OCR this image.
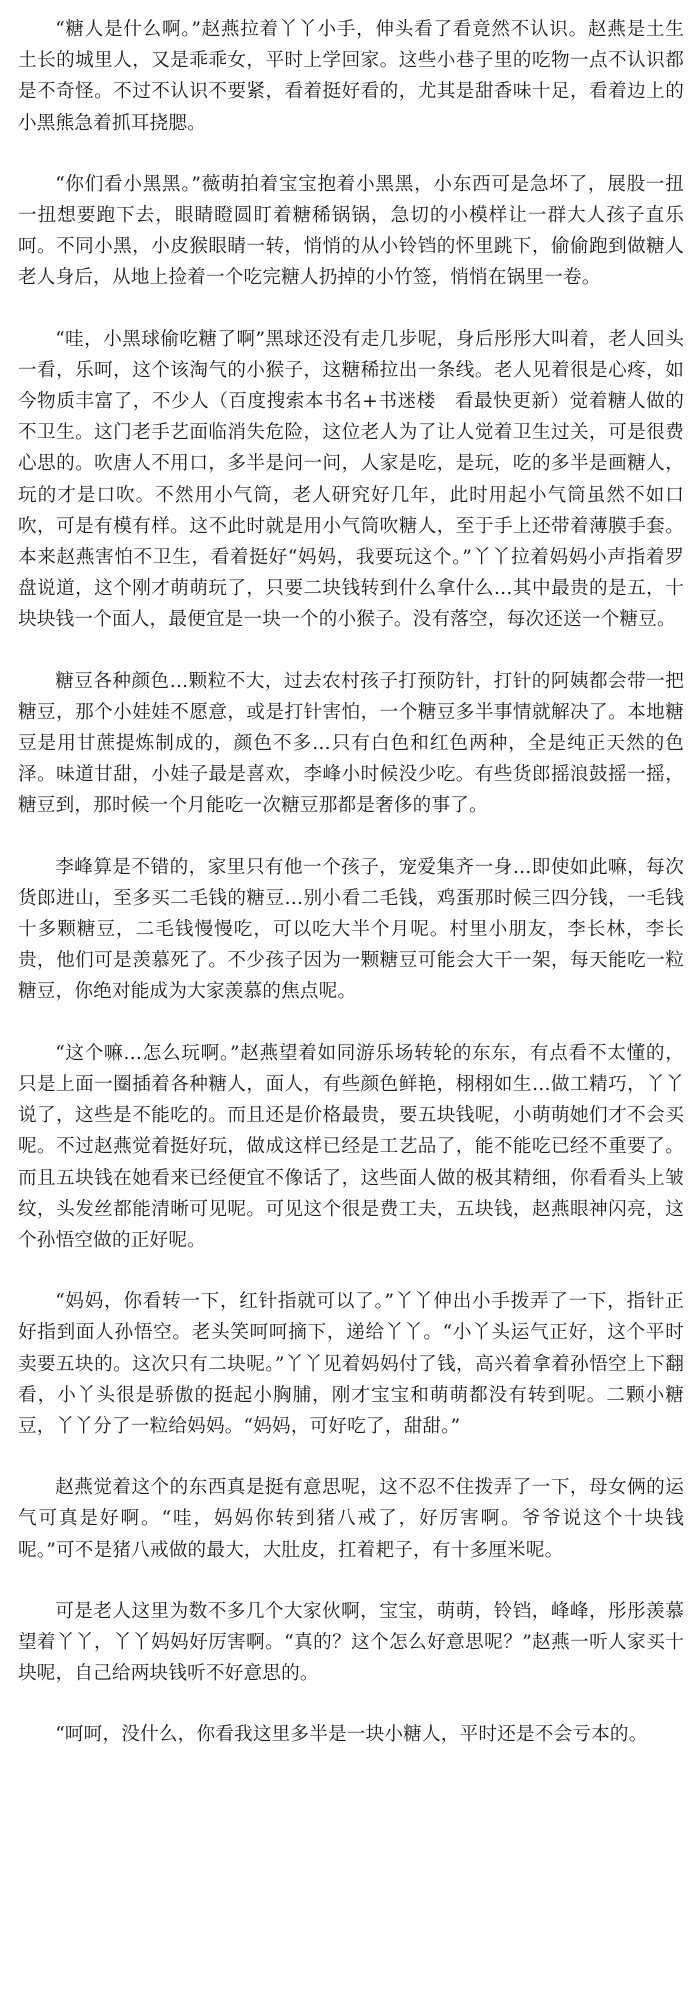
“糖人是什么啊。”赵燕拉着丫丫小手，伸头看了看竟然不认识。赵燕是土生土长的城里人，又是乖乖女，平时上学回家。这些小巷子里的吃物一点不认识都是不奇怪。不过不认识不要紧，看着挺好看的，尤其是甜香味十足，看着边上的小黑熊急着抓耳挠腮。

“你们看小黑黑。”薇萌拍着宝宝抱着小黑黑，小东西可是急坏了，展股一扭一扭想要跑下去，眼睛瞪圆盯着糖稀锅锅，急切的小模样让一群大人孩子直乐呵。不同小黑，小皮猴眼睛一转，悄悄的从小铃铛的怀里跳下，偷偷跑到做糖人老人身后，从地上捡着一个吃完糖人扔掉的小竹签，悄悄在锅里一卷。

“哇，小黑球偷吃糖了啊”黑球还没有走几步呢，身后彤彤大叫着，老人回头一看，乐呵，这个该淘气的小猴子，这糖稀拉出一条线。老人见着很是心疼，如今物质丰富了，不少人（百度搜索本书名+书迷楼　看最快更新）觉着糖人做的不卫生。这门老手艺面临消失危险，这位老人为了让人觉着卫生过关，可是很费心思的。吹唐人不用口，多半是问一问，人家是吃，是玩，吃的多半是画糖人，玩的才是口吹。不然用小气筒，老人研究好几年，此时用起小气筒虽然不如口吹，可是有模有样。这不此时就是用小气筒吹糖人，至于手上还带着薄膜手套。本来赵燕害怕不卫生，看着挺好“妈妈，我要玩这个。”丫丫拉着妈妈小声指着罗盘说道，这个刚才萌萌玩了，只要二块钱转到什么拿什么…其中最贵的是五，十块块钱一个面人，最便宜是一块一个的小猴子。没有落空，每次还送一个糖豆。

糖豆各种颜色…颗粒不大，过去农村孩子打预防针，打针的阿姨都会带一把糖豆，那个小娃娃不愿意，或是打针害怕，一个糖豆多半事情就解决了。本地糖豆是用甘蔗提炼制成的，颜色不多…只有白色和红色两种，全是纯正天然的色泽。味道甘甜，小娃子最是喜欢，李峰小时候没少吃。有些货郎摇浪鼓摇一摇，糖豆到，那时候一个月能吃一次糖豆那都是奢侈的事了。

李峰算是不错的，家里只有他一个孩子，宠爱集齐一身…即使如此嘛，每次货郎进山，至多买二毛钱的糖豆…别小看二毛钱，鸡蛋那时候三四分钱，一毛钱十多颗糖豆，二毛钱慢慢吃，可以吃大半个月呢。村里小朋友，李长林，李长贵，他们可是羡慕死了。不少孩子因为一颗糖豆可能会大干一架，每天能吃一粒糖豆，你绝对能成为大家羡慕的焦点呢。

“这个嘛…怎么玩啊。”赵燕望着如同游乐场转轮的东东，有点看不太懂的，只是上面一圈插着各种糖人，面人，有些颜色鲜艳，栩栩如生…做工精巧，丫丫说了，这些是不能吃的。而且还是价格最贵，要五块钱呢，小萌萌她们才不会买呢。不过赵燕觉着挺好玩，做成这样已经是工艺品了，能不能吃已经不重要了。而且五块钱在她看来已经便宜不像话了，这些面人做的极其精细，你看看头上皱纹，头发丝都能清晰可见呢。可见这个很是费工夫，五块钱，赵燕眼神闪亮，这个孙悟空做的正好呢。

“妈妈，你看转一下，红针指就可以了。”丫丫伸出小手拨弄了一下，指针正好指到面人孙悟空。老头笑呵呵摘下，递给丫丫。“小丫头运气正好，这个平时卖要五块的。这次只有二块呢。”丫丫见着妈妈付了钱，高兴着拿着孙悟空上下翻看，小丫头很是骄傲的挺起小胸脯，刚才宝宝和萌萌都没有转到呢。二颗小糖豆，丫丫分了一粒给妈妈。“妈妈，可好吃了，甜甜。”

赵燕觉着这个的东西真是挺有意思呢，这不忍不住拨弄了一下，母女俩的运气可真是好啊。“哇，妈妈你转到猪八戒了，好厉害啊。爷爷说这个十块钱呢。”可不是猪八戒做的最大，大肚皮，扛着耙子，有十多厘米呢。

可是老人这里为数不多几个大家伙啊，宝宝，萌萌，铃铛，峰峰，彤彤羡慕望着丫丫，丫丫妈妈好厉害啊。“真的？这个怎么好意思呢？”赵燕一听人家买十块呢，自己给两块钱听不好意思的。

“呵呵，没什么，你看我这里多半是一块小糖人，平时还是不会亏本的。
